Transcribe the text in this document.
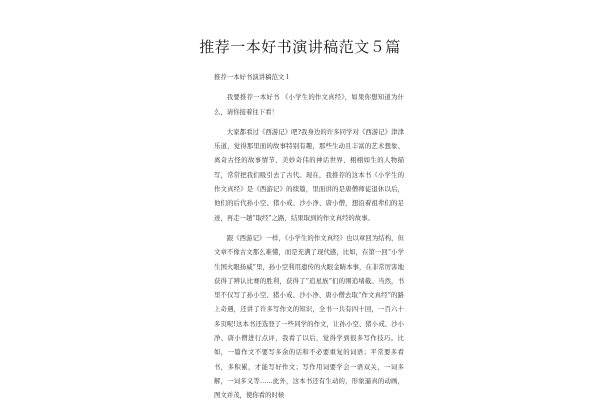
推荐一本好书演讲稿范文５篇

推荐一本好书演讲稿范文１

我要推荐一本好书 《小学生的作文真经》，如果你想知道为什么，请你接着往下看！

大家都看过《西游记》吧?我身边的许多同学对《西游记》津津乐道，觉得那里面的故事特别有趣，那些生动且丰富的艺术想象、离奇古怪的故事情节、美妙奇伟的神话世界、栩栩如生的人物描写，常常把我们吸引去了古代。现在，我推荐的这本书《小学生的作文真经》是《西游记》的续篇，里面讲的是唐僧师徒退休以后，他们的后代孙小空、猪小戒、沙小净、唐小僧，想沿着祖辈们的足迹，再走一趟“取经”之路，结果取到的作文真经的故事。

跟《西游记》一样，《小学生的作文真经》也以章回为结构，但文章不像古文那么难懂，而是充满了现代感，比如，在第一回“小学生国火眼扬威”里，孙小空利用遗传的火眼金睛本事，在非常厉害地获得了辨认比赛的胜利，获得了“追星族”们的围追堵截。当然，书里不仅写了孙小空、猪小戒、沙小净、唐小僧去取“作文真经”的路上奇遇，还讲了许多写作文的知识，全书一共有四十回，一百六十多页呢!这本书还选登了一些同学的作文，让孙小空、猪小戒、沙小净、唐小僧进行点评，我看了以后，觉得学到很多写作技巧。比如，一篇作文不要写多余的话和不必要重复的词语；平常要多看书，多积累，才能写好作文；写作用词要学会一语双关，一词多解，一词多义等……此外，这本书还有生动的，形象逼真的动画，图文并茂，使你看的时候
